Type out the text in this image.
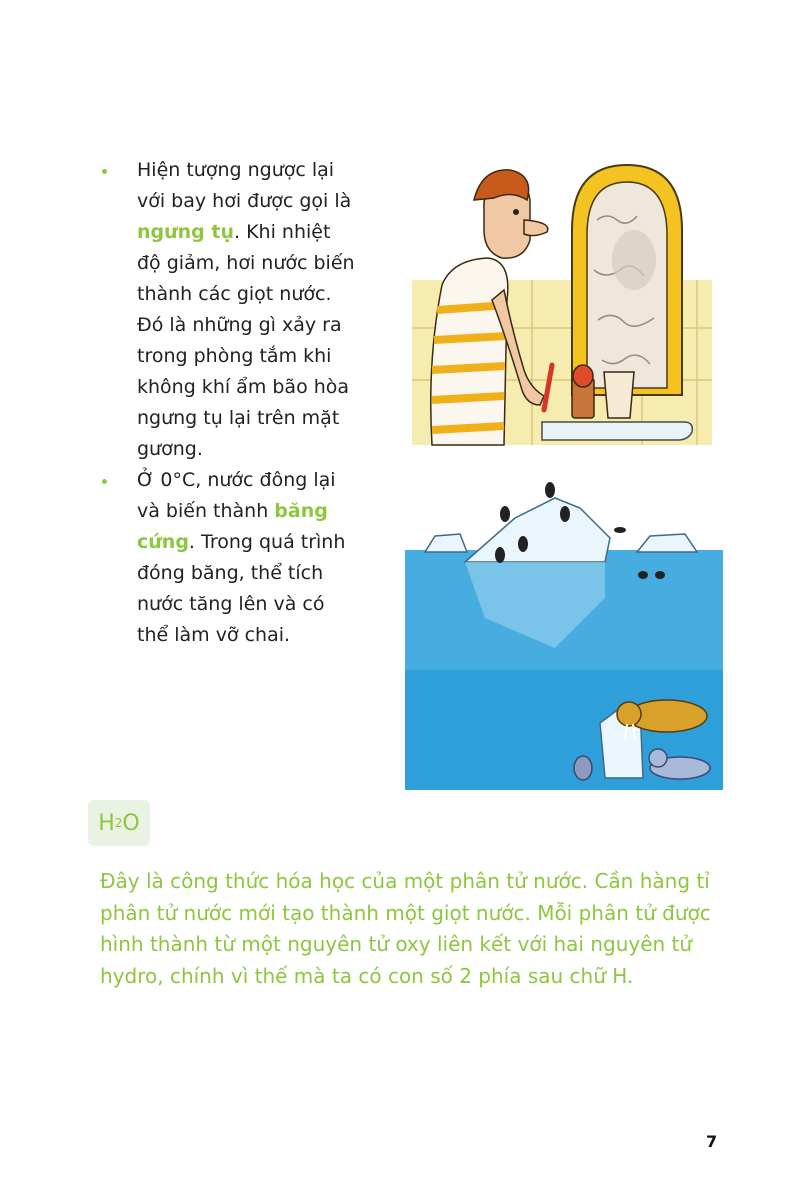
Hiện tượng ngược lại với bay hơi được gọi là ngưng tụ. Khi nhiệt độ giảm, hơi nước biến thành các giọt nước. Đó là những gì xảy ra trong phòng tắm khi không khí ẩm bão hòa ngưng tụ lại trên mặt gương.
Ở 0°C, nước đông lại và biến thành băng cứng. Trong quá trình đóng băng, thể tích nước tăng lên và có thể làm vỡ chai.
H 2 O

Đây là công thức hóa học của một phân tử nước. Cần hàng tỉ phân tử nước mới tạo thành một giọt nước. Mỗi phân tử được hình thành từ một nguyên tử oxy liên kết với hai nguyên tử hydro, chính vì thế mà ta có con số 2 phía sau chữ H.

7
